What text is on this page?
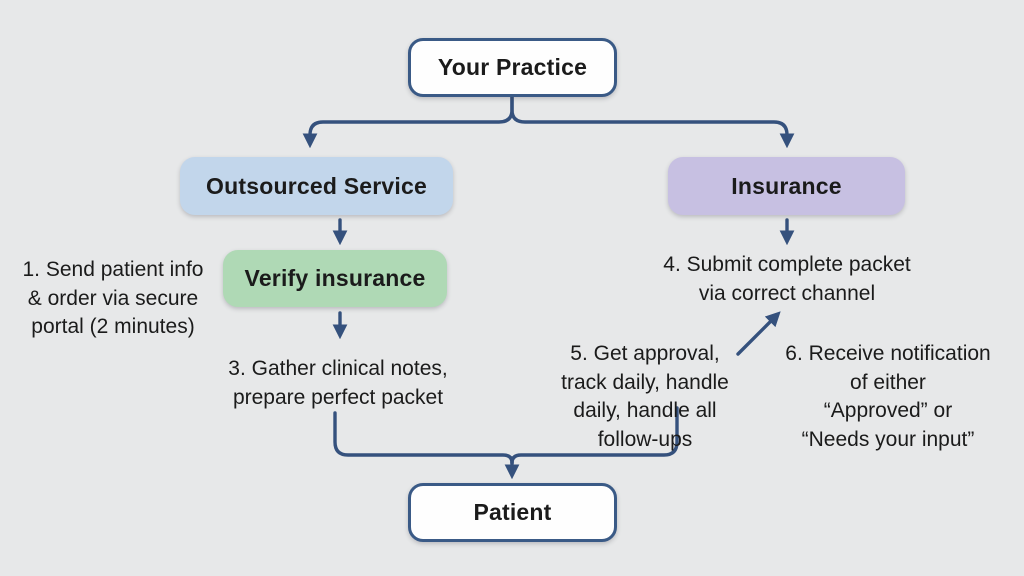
Your Practice
Outsourced Service	Insurance
Verify insurance
1. Send patient info
& order via secure
portal (2 minutes)
3. Gather clinical notes,
prepare perfect packet
4. Submit complete packet
via correct channel
5. Get approval,
track daily, handle
daily, handle all
follow-ups
6. Receive notification
of either
“Approved” or
“Needs your input”
Patient
